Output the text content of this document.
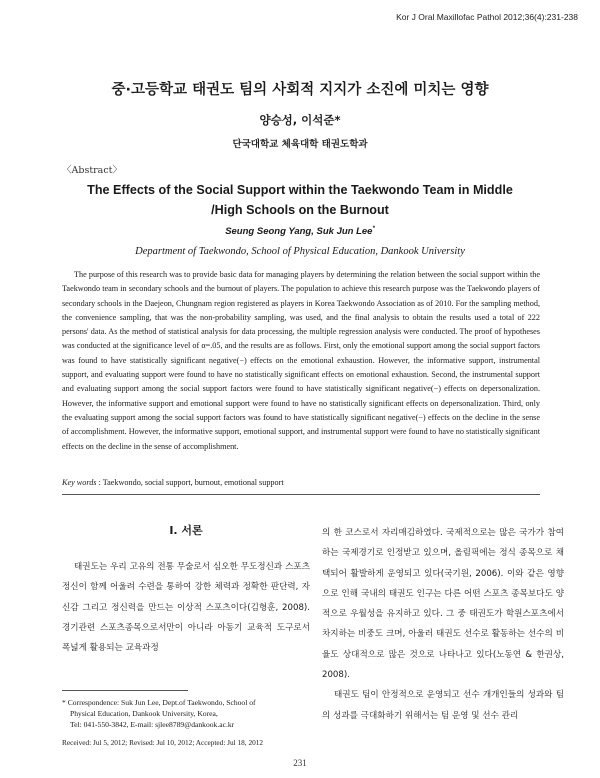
Kor J Oral Maxillofac Pathol 2012;36(4):231-238
중·고등학교 태권도 팀의 사회적 지지가 소진에 미치는 영향
양승성, 이석준*
단국대학교 체육대학 태권도학과
〈Abstract〉
The Effects of the Social Support within the Taekwondo Team in Middle
/High Schools on the Burnout
Seung Seong Yang, Suk Jun Lee*
Department of Taekwondo, School of Physical Education, Dankook University
The purpose of this research was to provide basic data for managing players by determining the relation between the social support within the Taekwondo team in secondary schools and the burnout of players. The population to achieve this research purpose was the Taekwondo players of secondary schools in the Daejeon, Chungnam region registered as players in Korea Taekwondo Association as of 2010. For the sampling method, the convenience sampling, that was the non-probability sampling, was used, and the final analysis to obtain the results used a total of 222 persons' data. As the method of statistical analysis for data processing, the multiple regression analysis were conducted. The proof of hypotheses was conducted at the significance level of α=.05, and the results are as follows. First, only the emotional support among the social support factors was found to have statistically significant negative(−) effects on the emotional exhaustion. However, the informative support, instrumental support, and evaluating support were found to have no statistically significant effects on emotional exhaustion. Second, the instrumental support and evaluating support among the social support factors were found to have statistically significant negative(−) effects on depersonalization. However, the informative support and emotional support were found to have no statistically significant effects on depersonalization. Third, only the evaluating support among the social support factors was found to have statistically significant negative(−) effects on the decline in the sense of accomplishment. However, the informative support, emotional support, and instrumental support were found to have no statistically significant effects on the decline in the sense of accomplishment.
Key words : Taekwondo, social support, burnout, emotional support
Ⅰ. 서론
태권도는 우리 고유의 전통 무술로서 심오한 무도정신과 스포츠정신이 함께 어울려 수련을 통하여 강한 체력과 정확한 판단력, 자신감 그리고 정신력을 만드는 이상적 스포츠이다(김형훈, 2008). 경기관련 스포츠종목으로서만이 아니라 아동기 교육적 도구로서 폭넓게 활용되는 교육과정

의 한 코스로서 자리매김하였다. 국제적으로는 많은 국가가 참여하는 국제경기로 인정받고 있으며, 올림픽에는 정식 종목으로 채택되어 활발하게 운영되고 있다(국기원, 2006). 이와 같은 영향으로 인해 국내의 태권도 인구는 다른 어떤 스포츠 종목보다도 양적으로 우월성을 유지하고 있다. 그 중 태권도가 학원스포츠에서 차지하는 비중도 크며, 아울러 태권도 선수로 활동하는 선수의 비율도 상대적으로 많은 것으로 나타나고 있다(노동연 & 한권상, 2008).

태권도 팀이 안정적으로 운영되고 선수 개개인들의 성과와 팀의 성과를 극대화하기 위해서는 팀 운영 및 선수 관리

* Correspondence: Suk Jun Lee, Dept.of Taekwondo, School of
Physical Education, Dankook University, Korea,
Tel: 041-550-3842, E-mail: sjlee8789@dankook.ac.kr
Received: Jul 5, 2012; Revised: Jul 10, 2012; Accepted: Jul 18, 2012
231
